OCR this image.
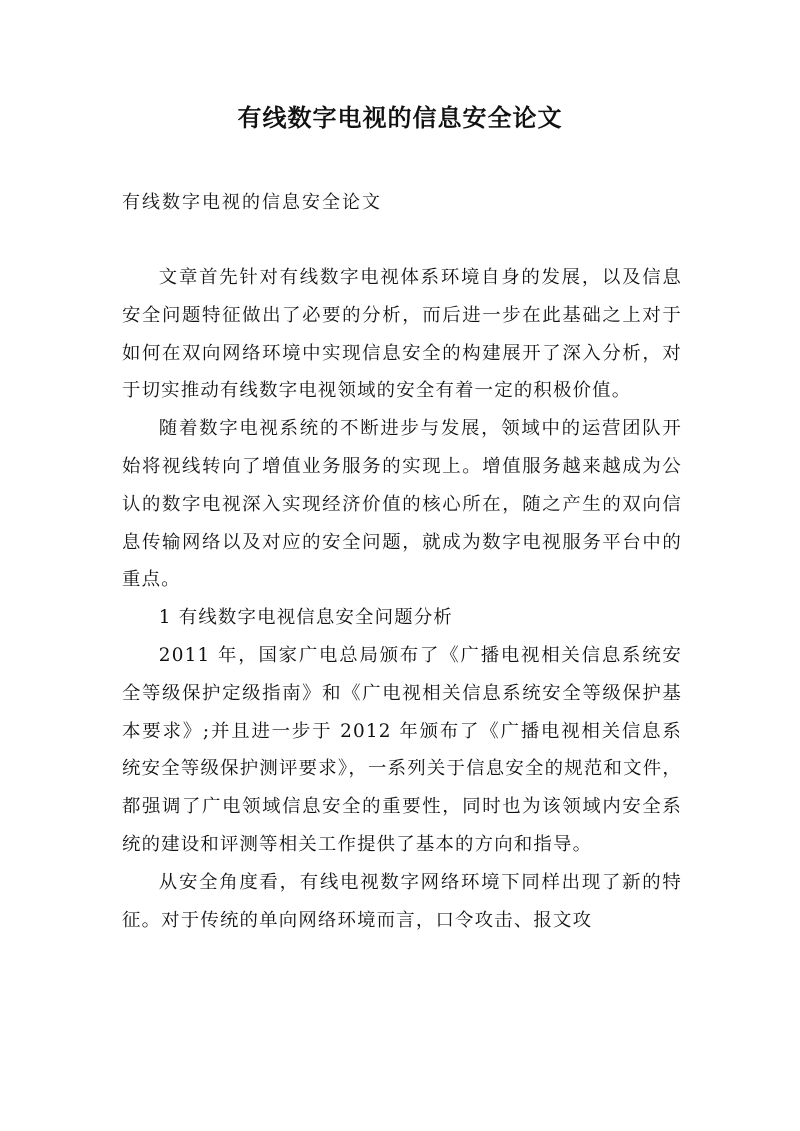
有线数字电视的信息安全论文

有线数字电视的信息安全论文

文章首先针对有线数字电视体系环境自身的发展，以及信息安全问题特征做出了必要的分析，而后进一步在此基础之上对于如何在双向网络环境中实现信息安全的构建展开了深入分析，对于切实推动有线数字电视领域的安全有着一定的积极价值。

随着数字电视系统的不断进步与发展，领域中的运营团队开始将视线转向了增值业务服务的实现上。增值服务越来越成为公认的数字电视深入实现经济价值的核心所在，随之产生的双向信息传输网络以及对应的安全问题，就成为数字电视服务平台中的重点。

1 有线数字电视信息安全问题分析

2011 年，国家广电总局颁布了《广播电视相关信息系统安全等级保护定级指南》和《广电视相关信息系统安全等级保护基本要求》;并且进一步于 2012 年颁布了《广播电视相关信息系统安全等级保护测评要求》，一系列关于信息安全的规范和文件，都强调了广电领域信息安全的重要性，同时也为该领域内安全系统的建设和评测等相关工作提供了基本的方向和指导。

从安全角度看，有线电视数字网络环境下同样出现了新的特征。对于传统的单向网络环境而言，口令攻击、报文攻
